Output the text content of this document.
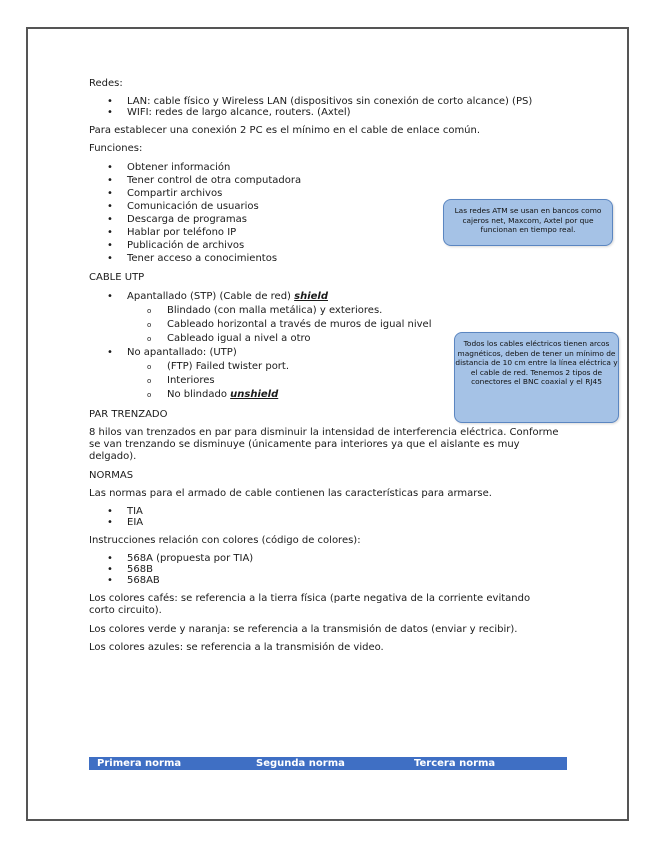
Redes:

• LAN: cable físico y Wireless LAN (dispositivos sin conexión de corto alcance) (PS)
• WIFI: redes de largo alcance, routers. (Axtel)

Para establecer una conexión 2 PC es el mínimo en el cable de enlace común.

Funciones:

• Obtener información
• Tener control de otra computadora
• Compartir archivos
• Comunicación de usuarios
• Descarga de programas
• Hablar por teléfono IP
• Publicación de archivos
• Tener acceso a conocimientos

CABLE UTP

• Apantallado (STP) (Cable de red) shield
o Blindado (con malla metálica) y exteriores.
o Cableado horizontal a través de muros de igual nivel
o Cableado igual a nivel a otro
• No apantallado: (UTP)
o (FTP) Failed twister port.
o Interiores
o No blindado unshield

PAR TRENZADO

8 hilos van trenzados en par para disminuir la intensidad de interferencia eléctrica. Conforme se van trenzando se disminuye (únicamente para interiores ya que el aislante es muy delgado).

NORMAS

Las normas para el armado de cable contienen las características para armarse.

• TIA
• EIA

Instrucciones relación con colores (código de colores):

• 568A (propuesta por TIA)
• 568B
• 568AB

Los colores cafés: se referencia a la tierra física (parte negativa de la corriente evitando corto circuito).

Los colores verde y naranja: se referencia a la transmisión de datos (enviar y recibir).

Los colores azules: se referencia a la transmisión de video.

Las redes ATM se usan en bancos como cajeros net, Maxcom, Axtel por que funcionan en tiempo real.
Todos los cables eléctricos tienen arcos magnéticos, deben de tener un mínimo de distancia de 10 cm entre la línea eléctrica y el cable de red. Tenemos 2 tipos de conectores el BNC coaxial y el RJ45
Primera norma	Segunda norma	Tercera norma
